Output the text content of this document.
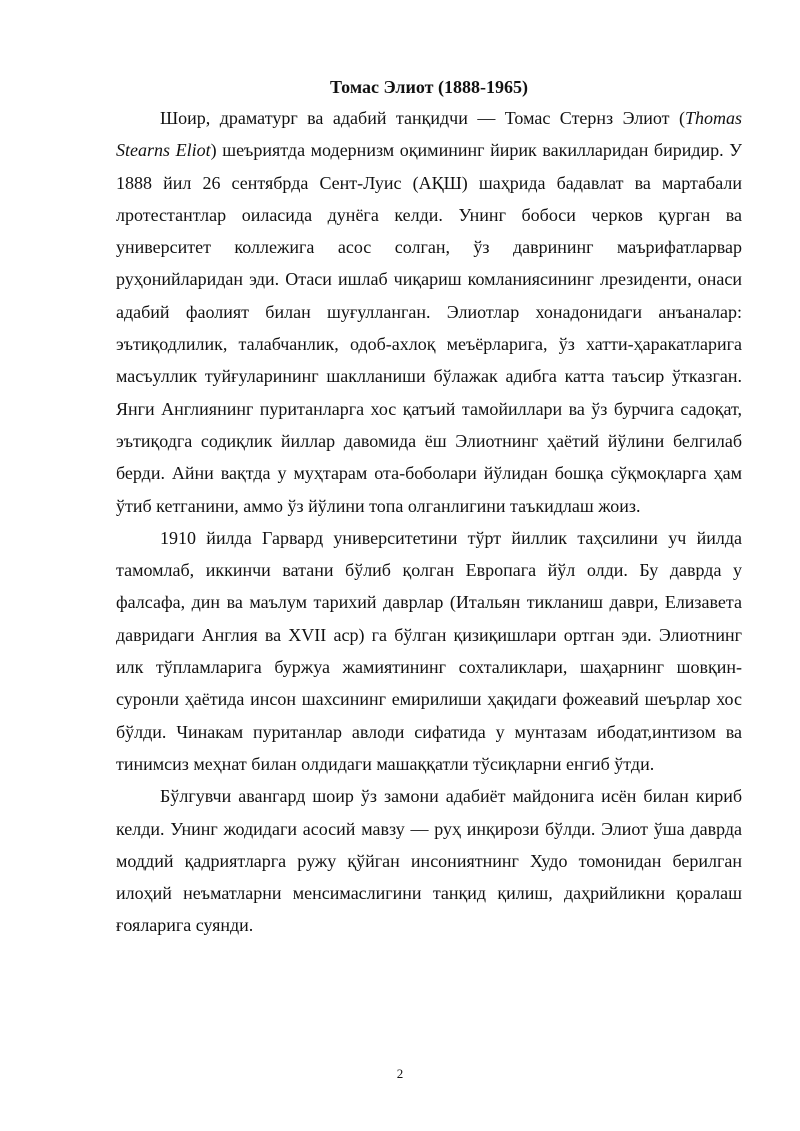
Томас Элиот (1888-1965)

Шоир, драматург ва адабий танқидчи — Томас Стернз Элиот (Thomas Stearns Eliot) шеъриятда модернизм оқимининг йирик вакилларидан биридир. У 1888 йил 26 сентябрда Сент-Луис (АҚШ) шаҳрида бадавлат ва мартабали лротестантлар оиласида дунёга келди. Унинг бобоси черков қурган ва университет коллежига асос солган, ўз даврининг маърифатларвар руҳонийларидан эди. Отаси ишлаб чиқариш комланиясининг лрезиденти, онаси адабий фаолият билан шуғулланган. Элиотлар хонадонидаги анъаналар: эътиқодлилик, талабчанлик, одоб-ахлоқ меъёрларига, ўз хатти-ҳаракатларига масъуллик туйғуларининг шаклланиши бўлажак адибга катта таъсир ўтказган. Янги Англиянинг пуританларга хос қатъий тамойиллари ва ўз бурчига садоқат, эътиқодга содиқлик йиллар давомида ёш Элиотнинг ҳаётий йўлини белгилаб берди. Айни вақтда у муҳтарам ота-боболари йўлидан бошқа сўқмоқларга ҳам ўтиб кетганини, аммо ўз йўлини топа олганлигини таъкидлаш жоиз.

1910 йилда Гарвард университетини тўрт йиллик таҳсилини уч йилда тамомлаб, иккинчи ватани бўлиб қолган Европага йўл олди. Бу даврда у фалсафа, дин ва маълум тарихий даврлар (Итальян тикланиш даври, Елизавета давридаги Англия ва XVII аср) га бўлган қизиқишлари ортган эди. Элиотнинг илк тўпламларига буржуа жамиятининг сохталиклари, шаҳарнинг шовқин-суронли ҳаётида инсон шахсининг емирилиши ҳақидаги фожеавий шеърлар хос бўлди. Чинакам пуританлар авлоди сифатида у мунтазам ибодат,интизом ва тинимсиз меҳнат билан олдидаги машаққатли тўсиқларни енгиб ўтди.

Бўлгувчи авангард шоир ўз замони адабиёт майдонига исён билан кириб келди. Унинг жодидаги асосий мавзу — руҳ инқирози бўлди. Элиот ўша даврда моддий қадриятларга ружу қўйган инсониятнинг Худо томонидан берилган илоҳий неъматларни менсимаслигини танқид қилиш, даҳрийликни қоралаш ғояларига суянди.

2
